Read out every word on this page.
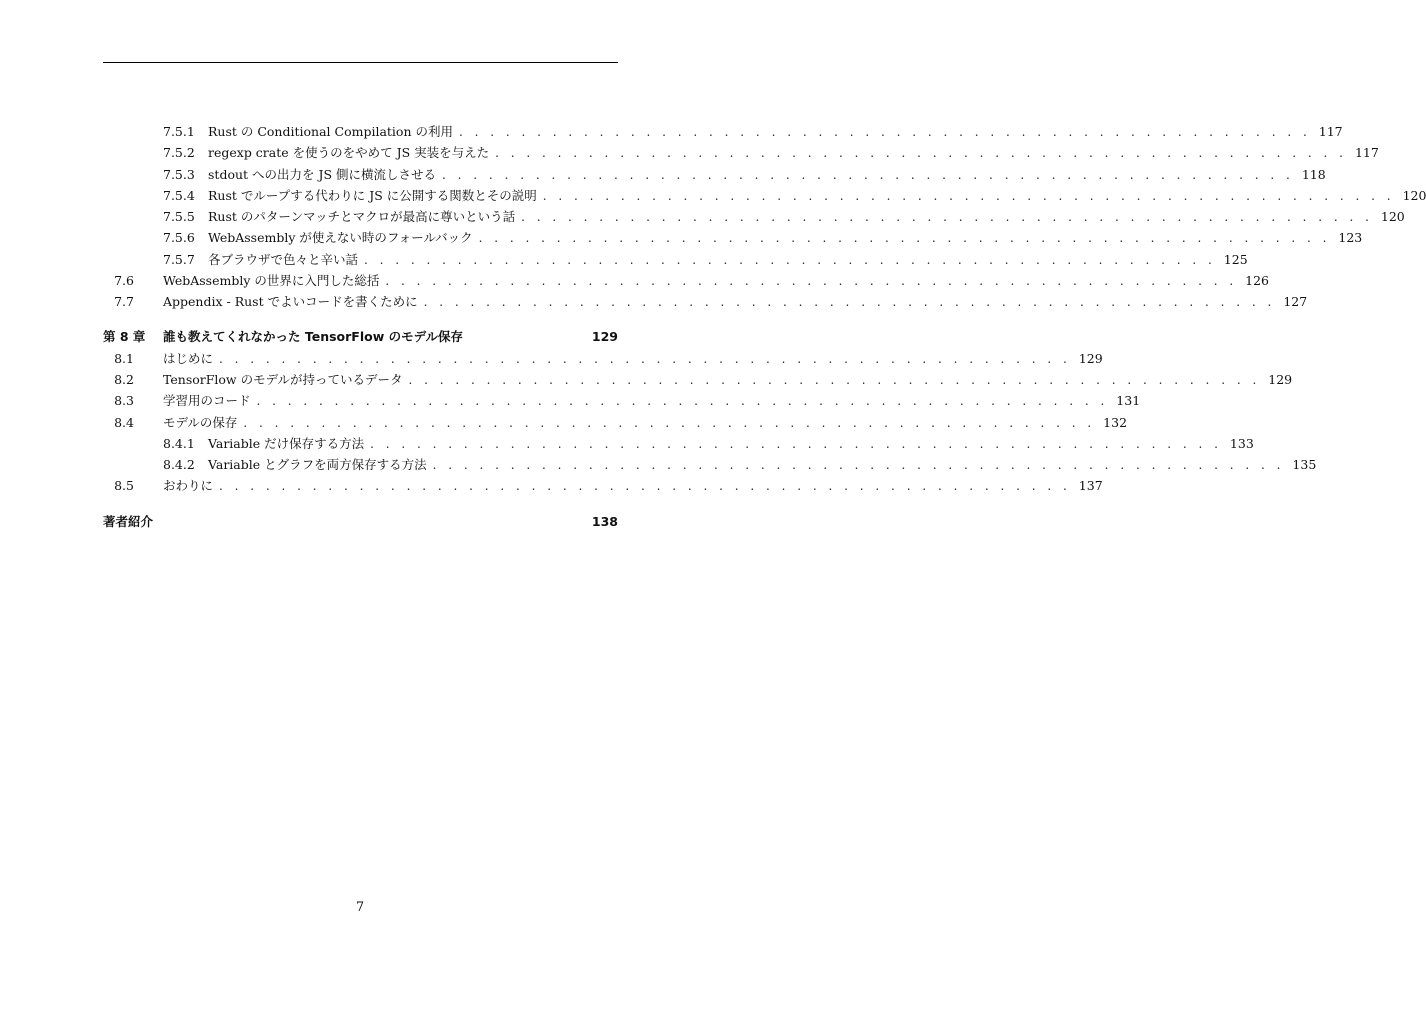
7.5.1 Rust の Conditional Compilation の利用 . . . . . . . . . . . . . . . . . . . . . . . . . . . . . . . . . . . . . . . . . . . . . . . . . . . . . . . 117
7.5.2 regexp crate を使うのをやめて JS 実装を与えた . . . . . . . . . . . . . . . . . . . . . . . . . . . . . . . . . . . . . . . . . . . . . . . . . . . . . . . 117
7.5.3 stdout への出力を JS 側に横流しさせる . . . . . . . . . . . . . . . . . . . . . . . . . . . . . . . . . . . . . . . . . . . . . . . . . . . . . . . 118
7.5.4 Rust でループする代わりに JS に公開する関数とその説明 . . . . . . . . . . . . . . . . . . . . . . . . . . . . . . . . . . . . . . . . . . . . . . . . . . . . . . . 120
7.5.5 Rust のパターンマッチとマクロが最高に尊いという話 . . . . . . . . . . . . . . . . . . . . . . . . . . . . . . . . . . . . . . . . . . . . . . . . . . . . . . . 120
7.5.6 WebAssembly が使えない時のフォールバック . . . . . . . . . . . . . . . . . . . . . . . . . . . . . . . . . . . . . . . . . . . . . . . . . . . . . . . 123
7.5.7 各ブラウザで色々と辛い話 . . . . . . . . . . . . . . . . . . . . . . . . . . . . . . . . . . . . . . . . . . . . . . . . . . . . . . . 125
7.6 WebAssembly の世界に入門した総括 . . . . . . . . . . . . . . . . . . . . . . . . . . . . . . . . . . . . . . . . . . . . . . . . . . . . . . . 126
7.7 Appendix - Rust でよいコードを書くために . . . . . . . . . . . . . . . . . . . . . . . . . . . . . . . . . . . . . . . . . . . . . . . . . . . . . . . 127
第 8 章 誰も教えてくれなかった TensorFlow のモデル保存	129
8.1 はじめに . . . . . . . . . . . . . . . . . . . . . . . . . . . . . . . . . . . . . . . . . . . . . . . . . . . . . . . 129
8.2 TensorFlow のモデルが持っているデータ . . . . . . . . . . . . . . . . . . . . . . . . . . . . . . . . . . . . . . . . . . . . . . . . . . . . . . . 129
8.3 学習用のコード . . . . . . . . . . . . . . . . . . . . . . . . . . . . . . . . . . . . . . . . . . . . . . . . . . . . . . . 131
8.4 モデルの保存 . . . . . . . . . . . . . . . . . . . . . . . . . . . . . . . . . . . . . . . . . . . . . . . . . . . . . . . 132
8.4.1 Variable だけ保存する方法 . . . . . . . . . . . . . . . . . . . . . . . . . . . . . . . . . . . . . . . . . . . . . . . . . . . . . . . 133
8.4.2 Variable とグラフを両方保存する方法 . . . . . . . . . . . . . . . . . . . . . . . . . . . . . . . . . . . . . . . . . . . . . . . . . . . . . . . 135
8.5 おわりに . . . . . . . . . . . . . . . . . . . . . . . . . . . . . . . . . . . . . . . . . . . . . . . . . . . . . . . 137
著者紹介	138
7
